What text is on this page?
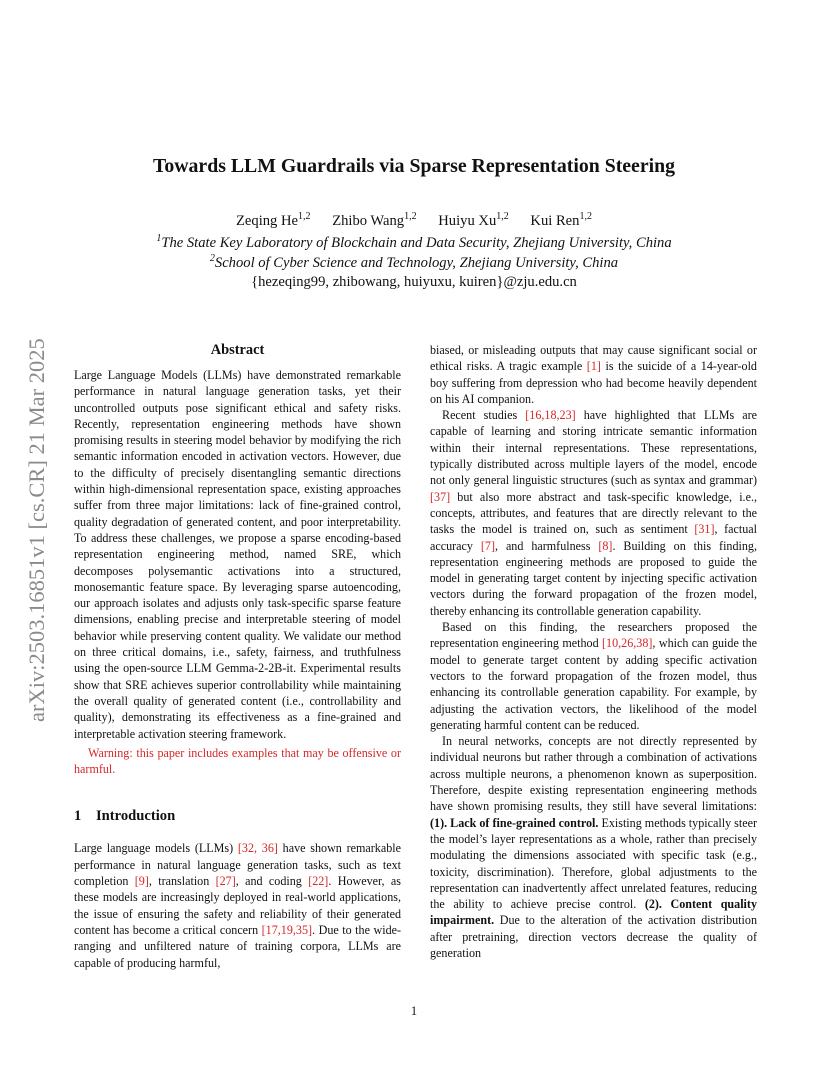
arXiv:2503.16851v1 [cs.CR] 21 Mar 2025
Towards LLM Guardrails via Sparse Representation Steering
Zeqing He$^{1,2}$ Zhibo Wang$^{1,2}$ Huiyu Xu$^{1,2}$ Kui Ren$^{1,2}$
$^1$The State Key Laboratory of Blockchain and Data Security, Zhejiang University, China
$^2$School of Cyber Science and Technology, Zhejiang University, China
{hezeqing99, zhibowang, huiyuxu, kuiren}@zju.edu.cn
Abstract

Large Language Models (LLMs) have demonstrated remarkable performance in natural language generation tasks, yet their uncontrolled outputs pose significant ethical and safety risks. Recently, representation engineering methods have shown promising results in steering model behavior by modifying the rich semantic information encoded in activation vectors. However, due to the difficulty of precisely disentangling semantic directions within high-dimensional representation space, existing approaches suffer from three major limitations: lack of fine-grained control, quality degradation of generated content, and poor interpretability. To address these challenges, we propose a sparse encoding-based representation engineering method, named SRE, which decomposes polysemantic activations into a structured, monosemantic feature space. By leveraging sparse autoencoding, our approach isolates and adjusts only task-specific sparse feature dimensions, enabling precise and interpretable steering of model behavior while preserving content quality. We validate our method on three critical domains, i.e., safety, fairness, and truthfulness using the open-source LLM Gemma-2-2B-it. Experimental results show that SRE achieves superior controllability while maintaining the overall quality of generated content (i.e., controllability and quality), demonstrating its effectiveness as a fine-grained and interpretable activation steering framework.

Warning: this paper includes examples that may be offensive or harmful.

1 Introduction

Large language models (LLMs) [32, 36] have shown remarkable performance in natural language generation tasks, such as text completion [9], translation [27], and coding [22]. However, as these models are increasingly deployed in real-world applications, the issue of ensuring the safety and reliability of their generated content has become a critical concern [17,19,35]. Due to the wide-ranging and unfiltered nature of training corpora, LLMs are capable of producing harmful,

biased, or misleading outputs that may cause significant social or ethical risks. A tragic example [1] is the suicide of a 14-year-old boy suffering from depression who had become heavily dependent on his AI companion.

Recent studies [16,18,23] have highlighted that LLMs are capable of learning and storing intricate semantic information within their internal representations. These representations, typically distributed across multiple layers of the model, encode not only general linguistic structures (such as syntax and grammar) [37] but also more abstract and task-specific knowledge, i.e., concepts, attributes, and features that are directly relevant to the tasks the model is trained on, such as sentiment [31], factual accuracy [7], and harmfulness [8]. Building on this finding, representation engineering methods are proposed to guide the model in generating target content by injecting specific activation vectors during the forward propagation of the frozen model, thereby enhancing its controllable generation capability.

Based on this finding, the researchers proposed the representation engineering method [10,26,38], which can guide the model to generate target content by adding specific activation vectors to the forward propagation of the frozen model, thus enhancing its controllable generation capability. For example, by adjusting the activation vectors, the likelihood of the model generating harmful content can be reduced.

In neural networks, concepts are not directly represented by individual neurons but rather through a combination of activations across multiple neurons, a phenomenon known as superposition. Therefore, despite existing representation engineering methods have shown promising results, they still have several limitations: (1). Lack of fine-grained control. Existing methods typically steer the model’s layer representations as a whole, rather than precisely modulating the dimensions associated with specific task (e.g., toxicity, discrimination). Therefore, global adjustments to the representation can inadvertently affect unrelated features, reducing the ability to achieve precise control. (2). Content quality impairment. Due to the alteration of the activation distribution after pretraining, direction vectors decrease the quality of generation

1
